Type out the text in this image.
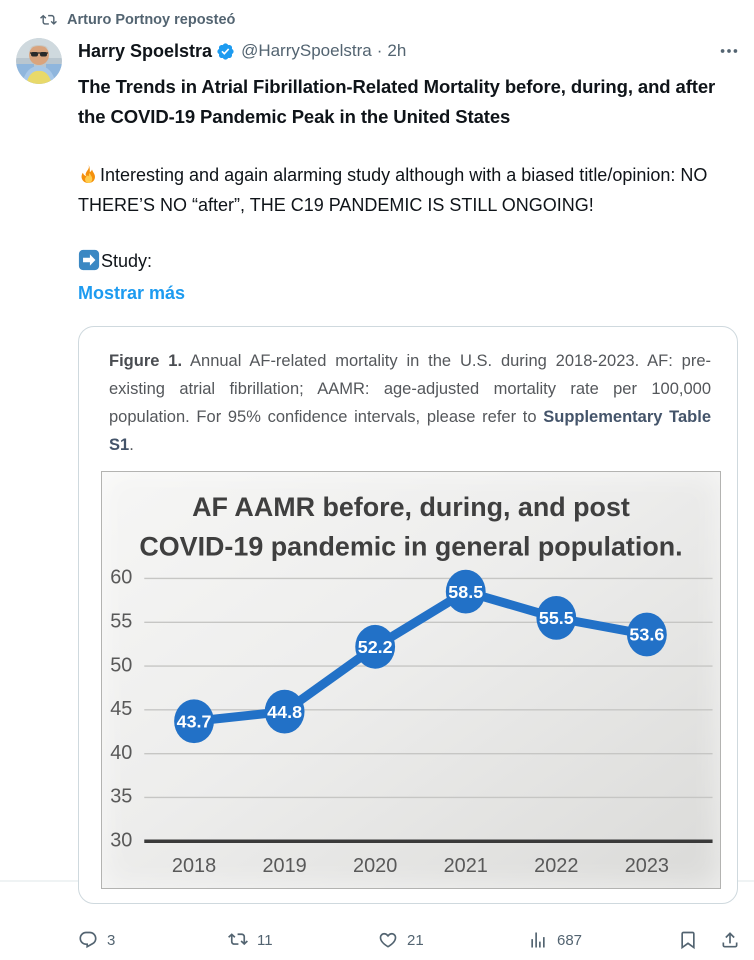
Arturo Portnoy reposteó
Harry Spoelstra @HarrySpoelstra · 2h
The Trends in Atrial Fibrillation-Related Mortality before, during, and after the COVID-19 Pandemic Peak in the United States
Interesting and again alarming study although with a biased title/opinion: NO THERE’S NO “after”, THE C19 PANDEMIC IS STILL ONGOING!
Study:
Mostrar más

Figure 1. Annual AF-related mortality in the U.S. during 2018-2023. AF: pre-existing atrial fibrillation; AAMR: age-adjusted mortality rate per 100,000 population. For 95% confidence intervals, please refer to Supplementary Table S1.

30
35
40
45
50
55
60
2018 2019 2020 2021 2022 2023
AF AAMR before, during, and post
COVID-19 pandemic in general population.
43.7	44.8
52.2
58.5
55.5
53.6
3	11	21	687
